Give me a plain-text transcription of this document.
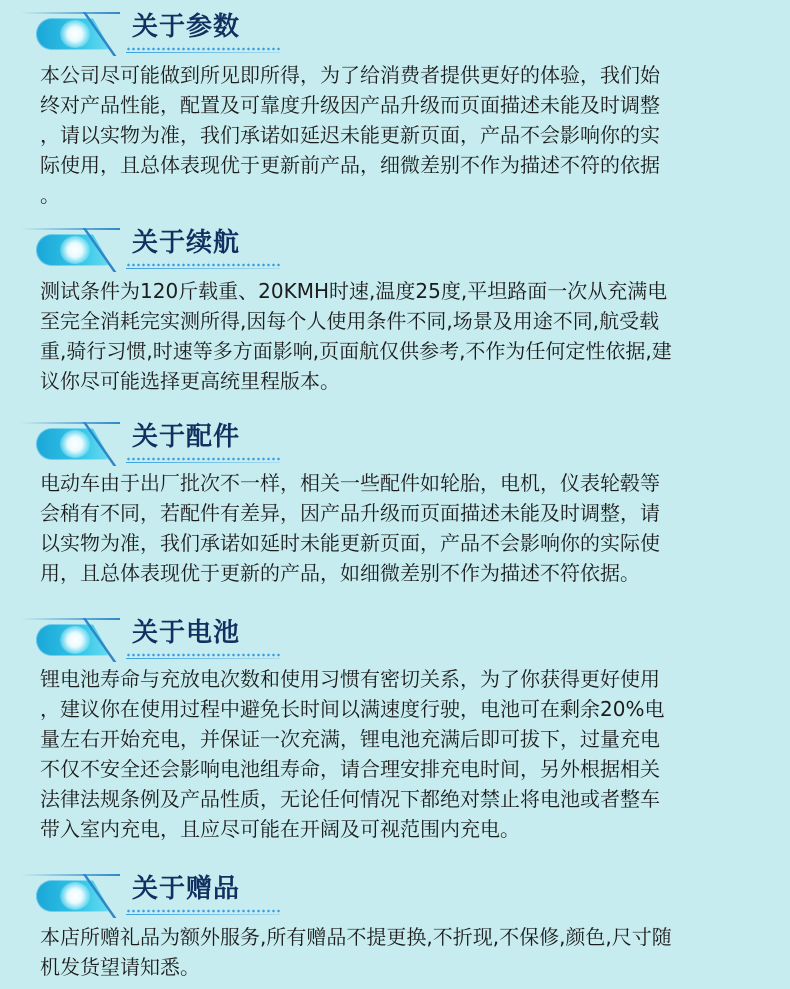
关于参数
本公司尽可能做到所见即所得，为了给消费者提供更好的体验，我们始
终对产品性能，配置及可靠度升级因产品升级而页面描述未能及时调整
，请以实物为准，我们承诺如延迟未能更新页面，产品不会影响你的实
际使用，且总体表现优于更新前产品，细微差别不作为描述不符的依据
。
关于续航
测试条件为120斤载重、20KMH时速,温度25度,平坦路面一次从充满电
至完全消耗完实测所得,因每个人使用条件不同,场景及用途不同,航受载
重,骑行习惯,时速等多方面影响,页面航仅供参考,不作为任何定性依据,建
议你尽可能选择更高统里程版本。
关于配件
电动车由于出厂批次不一样，相关一些配件如轮胎，电机，仪表轮毂等
会稍有不同，若配件有差异，因产品升级而页面描述未能及时调整，请
以实物为准，我们承诺如延时未能更新页面，产品不会影响你的实际使
用，且总体表现优于更新的产品，如细微差别不作为描述不符依据。
关于电池
锂电池寿命与充放电次数和使用习惯有密切关系，为了你获得更好使用
，建议你在使用过程中避免长时间以满速度行驶，电池可在剩余20%电
量左右开始充电，并保证一次充满，锂电池充满后即可拔下，过量充电
不仅不安全还会影响电池组寿命，请合理安排充电时间，另外根据相关
法律法规条例及产品性质，无论任何情况下都绝对禁止将电池或者整车
带入室内充电，且应尽可能在开阔及可视范围内充电。
关于赠品
本店所赠礼品为额外服务,所有赠品不提更换,不折现,不保修,颜色,尺寸随
机发货望请知悉。
